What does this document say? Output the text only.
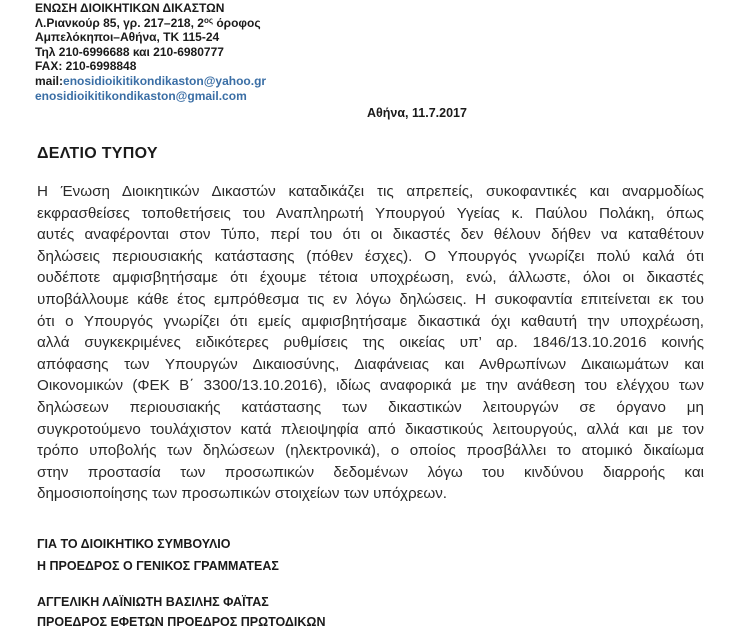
ΕΝΩΣΗ ΔΙΟΙΚΗΤΙΚΩΝ ΔΙΚΑΣΤΩΝ
Λ.Ριανκούρ 85, γρ. 217–218, $2^{o\varsigma}$ όροφος
Αμπελόκηποι–Αθήνα, ΤΚ 115-24
Τηλ 210-6996688 και 210-6980777
FAX: 210-6998848
mail:enosidioikitikondikaston@yahoo.gr
enosidioikitikondikaston@gmail.com
Αθήνα, 11.7.2017
ΔΕΛΤΙΟ ΤΥΠΟΥ
Η Ένωση Διοικητικών Δικαστών καταδικάζει τις απρεπείς, συκοφαντικές και αναρμοδίως
εκφρασθείσες τοποθετήσεις του Αναπληρωτή Υπουργού Υγείας κ. Παύλου Πολάκη, όπως
αυτές αναφέρονται στον Τύπο, περί του ότι οι δικαστές δεν θέλουν δήθεν να καταθέτουν
δηλώσεις περιουσιακής κατάστασης (πόθεν έσχες). Ο Υπουργός γνωρίζει πολύ καλά ότι
ουδέποτε αμφισβητήσαμε ότι έχουμε τέτοια υποχρέωση, ενώ, άλλωστε, όλοι οι δικαστές
υποβάλλουμε κάθε έτος εμπρόθεσμα τις εν λόγω δηλώσεις. Η συκοφαντία επιτείνεται εκ του
ότι ο Υπουργός γνωρίζει ότι εμείς αμφισβητήσαμε δικαστικά όχι καθαυτή την υποχρέωση,
αλλά συγκεκριμένες ειδικότερες ρυθμίσεις της οικείας υπ’ αρ. 1846/13.10.2016 κοινής
απόφασης των Υπουργών Δικαιοσύνης, Διαφάνειας και Ανθρωπίνων Δικαιωμάτων και
Οικονομικών (ΦΕΚ Β΄ 3300/13.10.2016), ιδίως αναφορικά με την ανάθεση του ελέγχου των
δηλώσεων περιουσιακής κατάστασης των δικαστικών λειτουργών σε όργανο μη
συγκροτούμενο τουλάχιστον κατά πλειοψηφία από δικαστικούς λειτουργούς, αλλά και με τον
τρόπο υποβολής των δηλώσεων (ηλεκτρονικά), ο οποίος προσβάλλει το ατομικό δικαίωμα
στην προστασία των προσωπικών δεδομένων λόγω του κινδύνου διαρροής και
δημοσιοποίησης των προσωπικών στοιχείων των υπόχρεων.
ΓΙΑ ΤΟ ΔΙΟΙΚΗΤΙΚΟ ΣΥΜΒΟΥΛΙΟ
Η ΠΡΟΕΔΡΟΣ Ο ΓΕΝΙΚΟΣ ΓΡΑΜΜΑΤΕΑΣ
ΑΓΓΕΛΙΚΗ ΛΑΪΝΙΩΤΗ ΒΑΣΙΛΗΣ ΦΑΪΤΑΣ
ΠΡΟΕΔΡΟΣ ΕΦΕΤΩΝ ΠΡΟΕΔΡΟΣ ΠΡΩΤΟΔΙΚΩΝ
